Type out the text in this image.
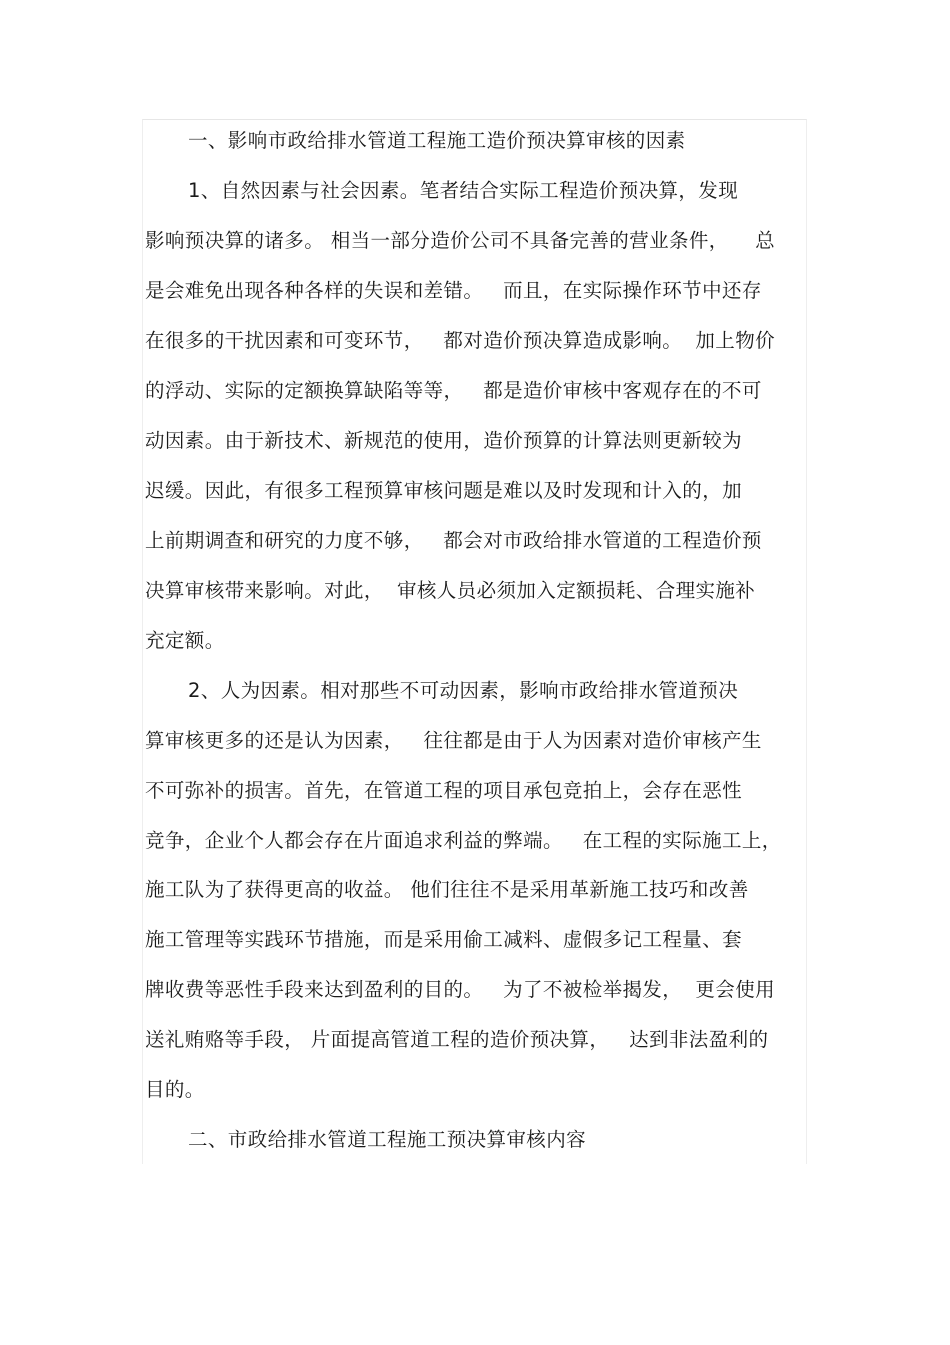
一、影响市政给排水管道工程施工造价预决算审核的因素
1、自然因素与社会因素。笔者结合实际工程造价预决算，发现
影响预决算的诸多。 相当一部分造价公司不具备完善的营业条件，    总
是会难免出现各种各样的失误和差错。   而且，在实际操作环节中还存
在很多的干扰因素和可变环节，   都对造价预决算造成影响。  加上物价
的浮动、实际的定额换算缺陷等等，   都是造价审核中客观存在的不可
动因素。由于新技术、新规范的使用，造价预算的计算法则更新较为
迟缓。因此，有很多工程预算审核问题是难以及时发现和计入的，加
上前期调查和研究的力度不够，   都会对市政给排水管道的工程造价预
决算审核带来影响。对此，  审核人员必须加入定额损耗、合理实施补
充定额。
2、人为因素。相对那些不可动因素，影响市政给排水管道预决
算审核更多的还是认为因素，   往往都是由于人为因素对造价审核产生
不可弥补的损害。首先，在管道工程的项目承包竞拍上，会存在恶性
竞争，企业个人都会存在片面追求利益的弊端。   在工程的实际施工上，
施工队为了获得更高的收益。 他们往往不是采用革新施工技巧和改善
施工管理等实践环节措施，而是采用偷工减料、虚假多记工程量、套
牌收费等恶性手段来达到盈利的目的。   为了不被检举揭发，  更会使用
送礼贿赂等手段， 片面提高管道工程的造价预决算，   达到非法盈利的
目的。
二、市政给排水管道工程施工预决算审核内容
